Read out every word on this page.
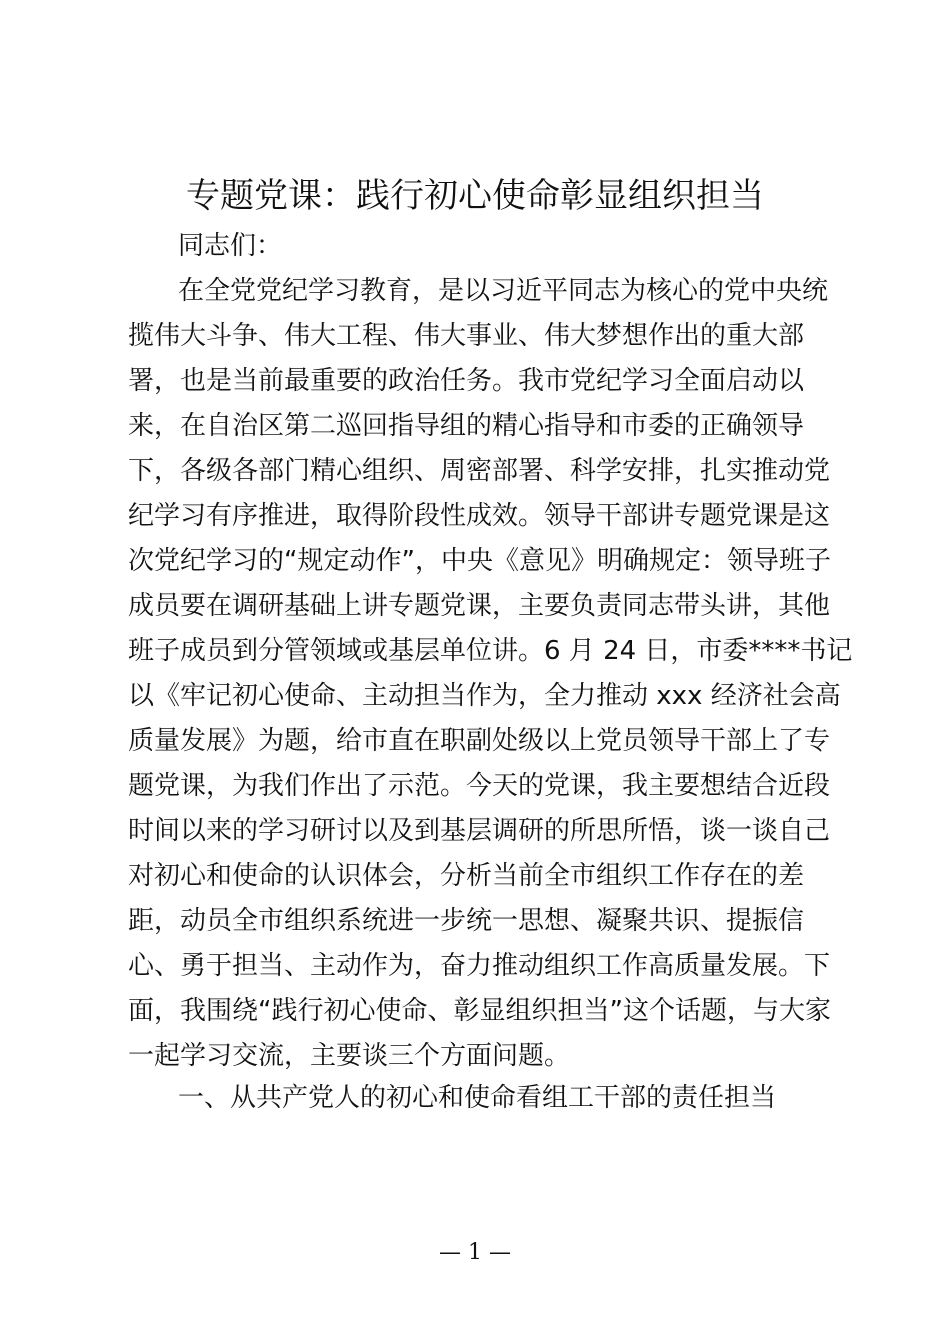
专题党课：践行初心使命彰显组织担当
同志们：
在全党党纪学习教育，是以习近平同志为核心的党中央统
揽伟大斗争、伟大工程、伟大事业、伟大梦想作出的重大部
署，也是当前最重要的政治任务。我市党纪学习全面启动以
来，在自治区第二巡回指导组的精心指导和市委的正确领导
下，各级各部门精心组织、周密部署、科学安排，扎实推动党
纪学习有序推进，取得阶段性成效。领导干部讲专题党课是这
次党纪学习的“规定动作”，中央《意见》明确规定：领导班子
成员要在调研基础上讲专题党课，主要负责同志带头讲，其他
班子成员到分管领域或基层单位讲。6 月 24 日，市委****书记
以《牢记初心使命、主动担当作为，全力推动 xxx 经济社会高
质量发展》为题，给市直在职副处级以上党员领导干部上了专
题党课，为我们作出了示范。今天的党课，我主要想结合近段
时间以来的学习研讨以及到基层调研的所思所悟，谈一谈自己
对初心和使命的认识体会，分析当前全市组织工作存在的差
距，动员全市组织系统进一步统一思想、凝聚共识、提振信
心、勇于担当、主动作为，奋力推动组织工作高质量发展。下
面，我围绕“践行初心使命、彰显组织担当”这个话题，与大家
一起学习交流，主要谈三个方面问题。
一、从共产党人的初心和使命看组工干部的责任担当
— 1 —
